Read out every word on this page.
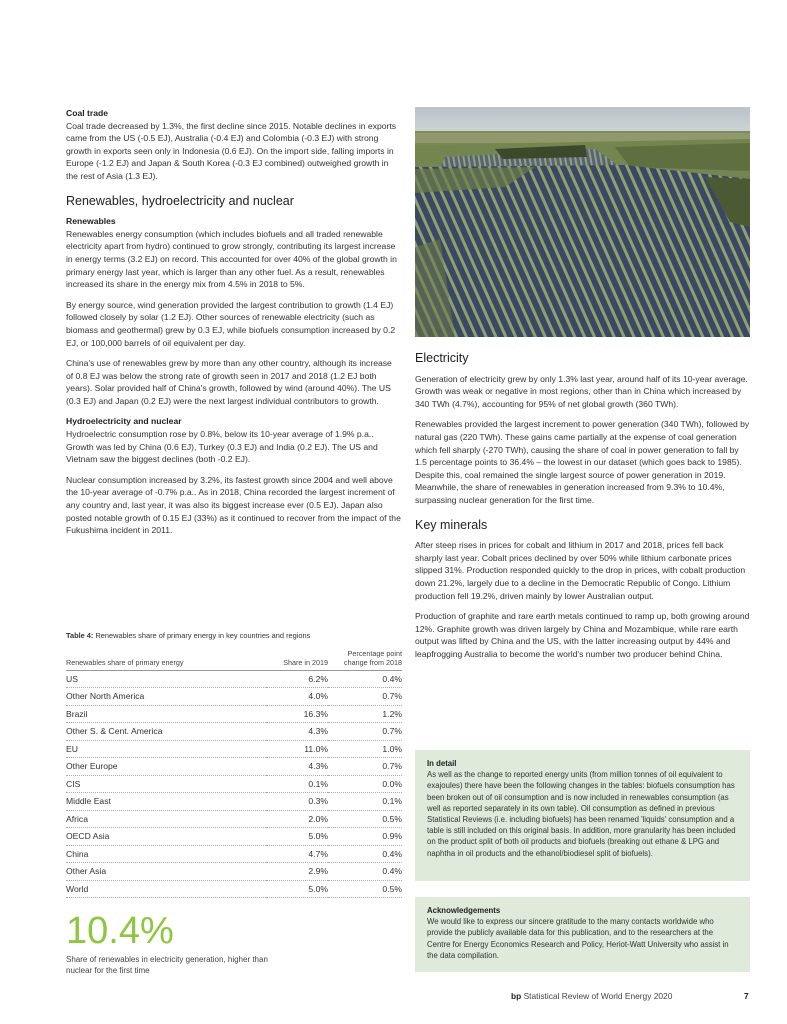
Coal trade

Coal trade decreased by 1.3%, the first decline since 2015. Notable declines in exports came from the US (-0.5 EJ), Australia (-0.4 EJ) and Colombia (-0.3 EJ) with strong growth in exports seen only in Indonesia (0.6 EJ). On the import side, falling imports in Europe (-1.2 EJ) and Japan & South Korea (-0.3 EJ combined) outweighed growth in the rest of Asia (1.3 EJ).

Renewables, hydroelectricity and nuclear

Renewables

Renewables energy consumption (which includes biofuels and all traded renewable electricity apart from hydro) continued to grow strongly, contributing its largest increase in energy terms (3.2 EJ) on record. This accounted for over 40% of the global growth in primary energy last year, which is larger than any other fuel. As a result, renewables increased its share in the energy mix from 4.5% in 2018 to 5%.

By energy source, wind generation provided the largest contribution to growth (1.4 EJ) followed closely by solar (1.2 EJ). Other sources of renewable electricity (such as biomass and geothermal) grew by 0.3 EJ, while biofuels consumption increased by 0.2 EJ, or 100,000 barrels of oil equivalent per day.

China's use of renewables grew by more than any other country, although its increase of 0.8 EJ was below the strong rate of growth seen in 2017 and 2018 (1.2 EJ both years). Solar provided half of China's growth, followed by wind (around 40%). The US (0.3 EJ) and Japan (0.2 EJ) were the next largest individual contributors to growth.

Hydroelectricity and nuclear

Hydroelectric consumption rose by 0.8%, below its 10-year average of 1.9% p.a.. Growth was led by China (0.6 EJ), Turkey (0.3 EJ) and India (0.2 EJ). The US and Vietnam saw the biggest declines (both -0.2 EJ).

Nuclear consumption increased by 3.2%, its fastest growth since 2004 and well above the 10-year average of -0.7% p.a.. As in 2018, China recorded the largest increment of any country and, last year, it was also its biggest increase ever (0.5 EJ). Japan also posted notable growth of 0.15 EJ (33%) as it continued to recover from the impact of the Fukushima incident in 2011.

Table 4: Renewables share of primary energy in key countries and regions

Renewables share of primary energy	Share in 2019	Percentage point change from 2018
US	6.2%	0.4%
Other North America	4.0%	0.7%
Brazil	16.3%	1.2%
Other S. & Cent. America	4.3%	0.7%
EU	11.0%	1.0%
Other Europe	4.3%	0.7%
CIS	0.1%	0.0%
Middle East	0.3%	0.1%
Africa	2.0%	0.5%
OECD Asia	5.0%	0.9%
China	4.7%	0.4%
Other Asia	2.9%	0.4%
World	5.0%	0.5%
10.4%
Share of renewables in electricity generation, higher than nuclear for the first time
Electricity

Generation of electricity grew by only 1.3% last year, around half of its 10-year average. Growth was weak or negative in most regions, other than in China which increased by 340 TWh (4.7%), accounting for 95% of net global growth (360 TWh).

Renewables provided the largest increment to power generation (340 TWh), followed by natural gas (220 TWh). These gains came partially at the expense of coal generation which fell sharply (-270 TWh), causing the share of coal in power generation to fall by 1.5 percentage points to 36.4% – the lowest in our dataset (which goes back to 1985). Despite this, coal remained the single largest source of power generation in 2019. Meanwhile, the share of renewables in generation increased from 9.3% to 10.4%, surpassing nuclear generation for the first time.

Key minerals

After steep rises in prices for cobalt and lithium in 2017 and 2018, prices fell back sharply last year. Cobalt prices declined by over 50% while lithium carbonate prices slipped 31%. Production responded quickly to the drop in prices, with cobalt production down 21.2%, largely due to a decline in the Democratic Republic of Congo. Lithium production fell 19.2%, driven mainly by lower Australian output.

Production of graphite and rare earth metals continued to ramp up, both growing around 12%. Graphite growth was driven largely by China and Mozambique, while rare earth output was lifted by China and the US, with the latter increasing output by 44% and leapfrogging Australia to become the world's number two producer behind China.

In detail
As well as the change to reported energy units (from million tonnes of oil equivalent to exajoules) there have been the following changes in the tables: biofuels consumption has been broken out of oil consumption and is now included in renewables consumption (as well as reported separately in its own table). Oil consumption as defined in previous Statistical Reviews (i.e. including biofuels) has been renamed 'liquids' consumption and a table is still included on this original basis. In addition, more granularity has been included on the product split of both oil products and biofuels (breaking out ethane & LPG and naphtha in oil products and the ethanol/biodiesel split of biofuels).
Acknowledgements
We would like to express our sincere gratitude to the many contacts worldwide who provide the publicly available data for this publication, and to the researchers at the Centre for Energy Economics Research and Policy, Heriot-Watt University who assist in the data compilation.
bp Statistical Review of World Energy 2020	7
